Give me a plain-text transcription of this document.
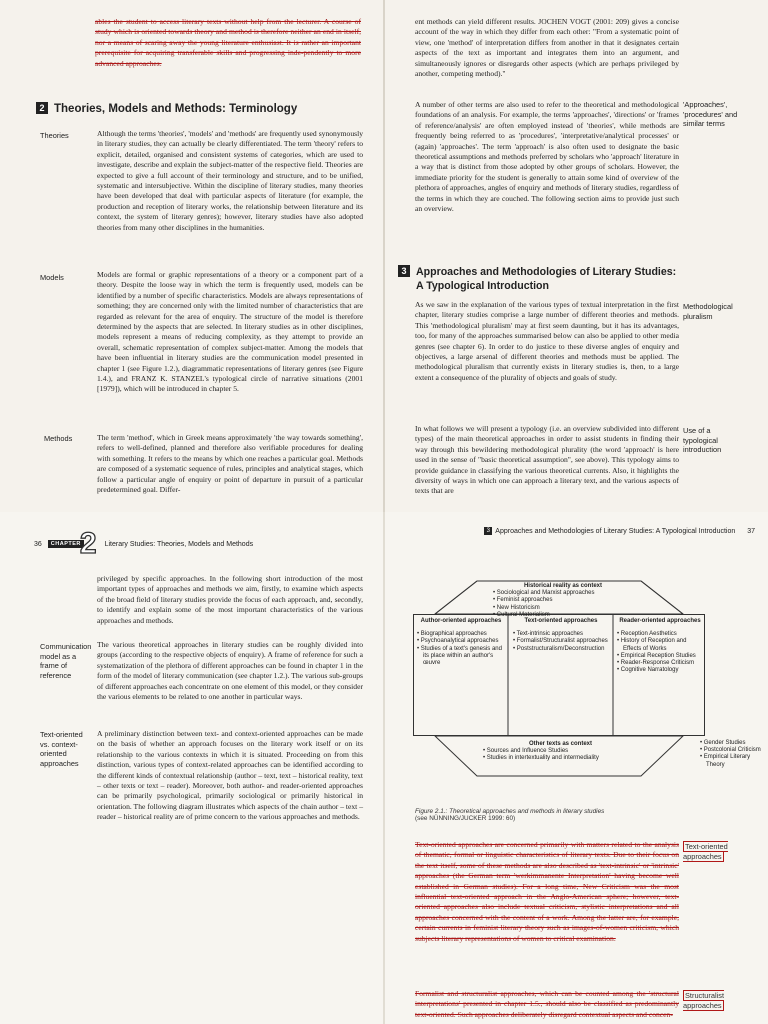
ables the student to access literary texts without help from the lecturer. A course of study which is oriented towards theory and method is therefore neither an end in itself, nor a means of scaring away the young literature enthusiast. It is rather an important prerequisite for acquiring transferable skills and progressing inde-pendently to more advanced approaches.
2 Theories, Models and Methods: Terminology
Theories	Although the terms 'theories', 'models' and 'methods' are frequently used synonymously in literary studies, they can actually be clearly differentiated. The term 'theory' refers to explicit, detailed, organised and consistent systems of categories, which are used to investigate, describe and explain the subject-matter of the respective field. Theories are expected to give a full account of their terminology and structure, and to be unified, systematic and intersubjective. Within the discipline of literary studies, many theories have been developed that deal with particular aspects of literature (for example, the production and reception of literary works, the relationship between literature and its context, the system of literary genres); however, literary studies have also adopted theories from many other disciplines in the humanities.
Models	Models are formal or graphic representations of a theory or a component part of a theory. Despite the loose way in which the term is frequently used, models can be identified by a number of specific characteristics. Models are always representations of something; they are concerned only with the limited number of characteristics that are regarded as relevant for the area of enquiry. The structure of the model is therefore determined by the aspects that are selected. In literary studies as in other disciplines, models represent a means of reducing complexity, as they attempt to provide an overall, schematic representation of complex subject-matter. Among the models that have been influential in literary studies are the communication model presented in chapter 1 (see Figure 1.2.), diagrammatic representations of literary genres (see Figure 1.4.), and FRANZ K. STANZEL's typological circle of narrative situations (2001 [1979]), which will be introduced in chapter 5.
Methods	The term 'method', which in Greek means approximately 'the way towards something', refers to well-defined, planned and therefore also verifiable procedures for dealing with something. It refers to the means by which one reaches a particular goal. Methods are composed of a systematic sequence of rules, principles and analytical stages, which follow a particular angle of enquiry or point of departure in pursuit of a particular predetermined goal. Differ-
ent methods can yield different results. JOCHEN VOGT (2001: 209) gives a concise account of the way in which they differ from each other: "From a systematic point of view, one 'method' of interpretation differs from another in that it designates certain aspects of the text as important and integrates them into an argument, and simultaneously ignores or disregards other aspects (which are perhaps privileged by another, competing method)."
A number of other terms are also used to refer to the theoretical and methodological foundations of an analysis. For example, the terms 'approaches', 'directions' or 'frames of reference/analysis' are often employed instead of 'theories', while methods are frequently being referred to as 'procedures', 'interpretative/analytical processes' or (again) 'approaches'. The term 'approach' is also often used to designate the basic theoretical assumptions and methods preferred by scholars who 'approach' literature in a way that is distinct from those adopted by other groups of scholars. However, the immediate priority for the student is generally to attain some kind of overview of the plethora of approaches, angles of enquiry and methods of literary studies, regardless of the terms in which they are couched. The following section aims to provide just such an overview.
'Approaches', 'procedures' and similar terms
3 Approaches and Methodologies of Literary Studies:
A Typological Introduction
As we saw in the explanation of the various types of textual interpretation in the first chapter, literary studies comprise a large number of different theories and methods. This 'methodological pluralism' may at first seem daunting, but it has its advantages, too, for many of the approaches summarised below can also be applied to other media genres (see chapter 6). In order to do justice to these diverse angles of enquiry and objectives, a large arsenal of different theories and methods must be applied. The methodological pluralism that currently exists in literary studies is, then, to a large extent a consequence of the plurality of objects and goals of study.
Methodological pluralism
In what follows we will present a typology (i.e. an overview subdivided into different types) of the main theoretical approaches in order to assist students in finding their way through this bewildering methodological plurality (the word 'approach' is here used in the sense of "basic theoretical assumption", see above). This typology aims to provide guidance in classifying the various theoretical currents. Also, it highlights the diversity of ways in which one can approach a literary text, and the various aspects of texts that are
Use of a typological introduction
36	CHAPTER 2 Literary Studies: Theories, Models and Methods
3 Approaches and Methodologies of Literary Studies: A Typological Introduction 37
privileged by specific approaches. In the following short introduction of the most important types of approaches and methods we aim, firstly, to examine which aspects of the broad field of literary studies provide the focus of each approach, and, secondly, to identify and explain some of the most important characteristics of the various approaches and methods.
Communication model as a frame of reference
The various theoretical approaches in literary studies can be roughly divided into groups (according to the respective objects of enquiry). A frame of reference for such a systematization of the plethora of different approaches can be found in chapter 1 in the form of the model of literary communication (see chapter 1.2.). The various sub-groups of different approaches each concentrate on one element of this model, or they consider the various elements to be related to one another in particular ways.
Text-oriented vs. context-oriented approaches
A preliminary distinction between text- and context-oriented approaches can be made on the basis of whether an approach focuses on the literary work itself or on its relationship to the various contexts in which it is situated. Proceeding on from this distinction, various types of context-related approaches can be identified according to the different kinds of contextual relationship (author – text, text – historical reality, text – other texts or text – reader). Moreover, both author- and reader-oriented approaches can be primarily psychological, primarily sociological or primarily historical in orientation. The following diagram illustrates which aspects of the chain author – text – reader – historical reality are of prime concern to the various approaches and methods.
Historical reality as context
• Sociological and Marxist approaches
• Feminist approaches
• New Historicism
• Cultural Materialism
Author-oriented approaches
• Biographical approaches
• Psychoanalytical approaches
• Studies of a text's genesis and its place within an author's œuvre
Text-oriented approaches
• Text-intrinsic approaches
• Formalist/Structuralist approaches
• Poststructuralism/Deconstruction
Reader-oriented approaches
• Reception Aesthetics
• History of Reception and Effects of Works
• Empirical Reception Studies
• Reader-Response Criticism
• Cognitive Narratology
Other texts as context
• Sources and Influence Studies
• Studies in intertextuality and intermediality
• Gender Studies
• Postcolonial Criticism
• Empirical Literary Theory
Figure 2.1.: Theoretical approaches and methods in literary studies
(see NÜNNING/JUCKER 1999: 60)
Text-oriented approaches are concerned primarily with matters related to the analysis of thematic, formal or linguistic characteristics of literary texts. Due to their focus on the text itself, some of these methods are also described as 'text-intrinsic' or 'intrinsic' approaches (the German term 'werkimmanente Interpretation' having become well established in German studies). For a long time, New Criticism was the most influential text-oriented approach in the Anglo-American sphere; however, text-oriented approaches also include textual criticism, stylistic interpretations and all approaches concerned with the content of a work. Among the latter are, for example, certain currents in feminist literary theory such as images-of-women criticism, which subjects literary representations of women to critical examination.
Text-oriented approaches
Formalist and structuralist approaches, which can be counted among the 'structural interpretations' presented in chapter 1.5., should also be classified as predominantly text-oriented. Such approaches deliberately disregard contextual aspects and concen-
Structuralist approaches
